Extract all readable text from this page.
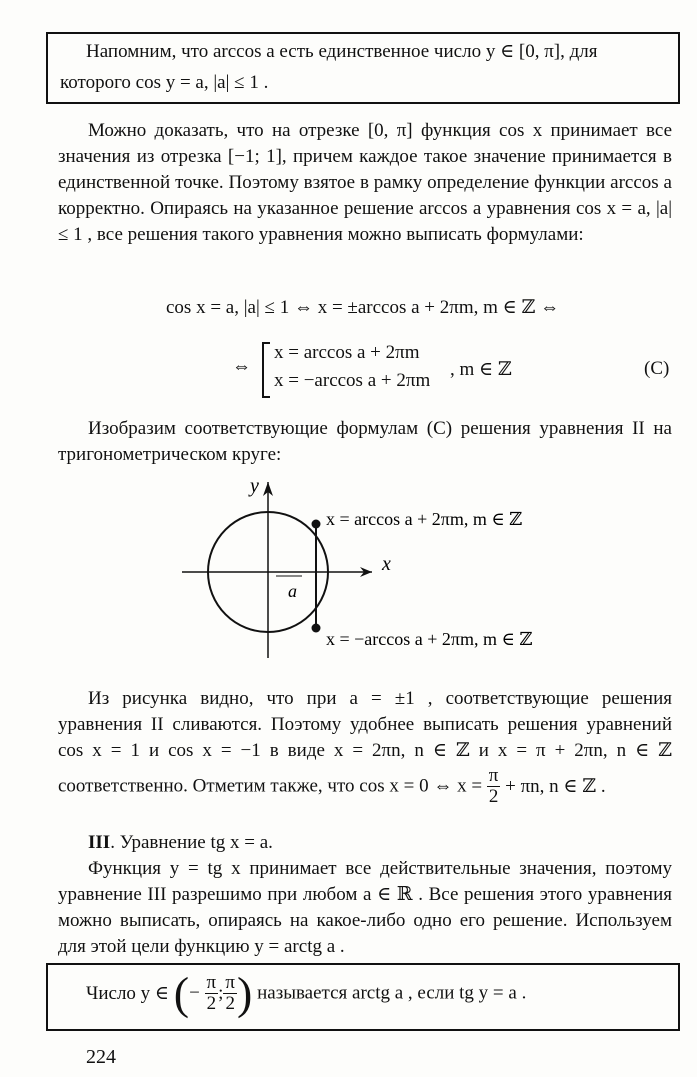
Напомним, что arccos a есть единственное число y ∈ [0, π], для
которого cos y = a, |a| ≤ 1 .

Можно доказать, что на отрезке [0, π] функция cos x принимает все значения из отрезка [−1; 1], причем каждое такое значение принимается в единственной точке. Поэтому взятое в рамку определение функции arccos a корректно. Опираясь на указанное решение arccos a уравнения cos x = a, |a| ≤ 1 , все решения такого уравнения можно выписать формулами:

cos x = a, |a| ≤ 1 ⇔ x = ±arccos a + 2πm, m ∈ ℤ ⇔
⇔
x = arccos a + 2πm
x = −arccos a + 2πm
, m ∈ ℤ	(C)

Изобразим соответствующие формулам (C) решения уравнения II на тригонометрическом круге:

y
x
a
x = arccos a + 2πm, m ∈ ℤ
x = −arccos a + 2πm, m ∈ ℤ

Из рисунка видно, что при a = ±1 , соответствующие решения уравнения II сливаются. Поэтому удобнее выписать решения уравнений cos x = 1 и cos x = −1 в виде x = 2πn, n ∈ ℤ и x = π + 2πn, n ∈ ℤ

соответственно. Отметим также, что cos x = 0 ⇔ $x = \frac{\pi}{2} + \pi n$, n ∈ ℤ .
III. Уравнение tg x = a.

Функция y = tg x принимает все действительные значения, поэтому уравнение III разрешимо при любом a ∈ ℝ . Все решения этого уравнения можно выписать, опираясь на какое-либо одно его решение. Используем для этой цели функцию y = arctg a .

Число y ∈ (− $\frac{\pi}{2}$ ; $\frac{\pi}{2}$ ) называется arctg a , если tg y = a .
224
